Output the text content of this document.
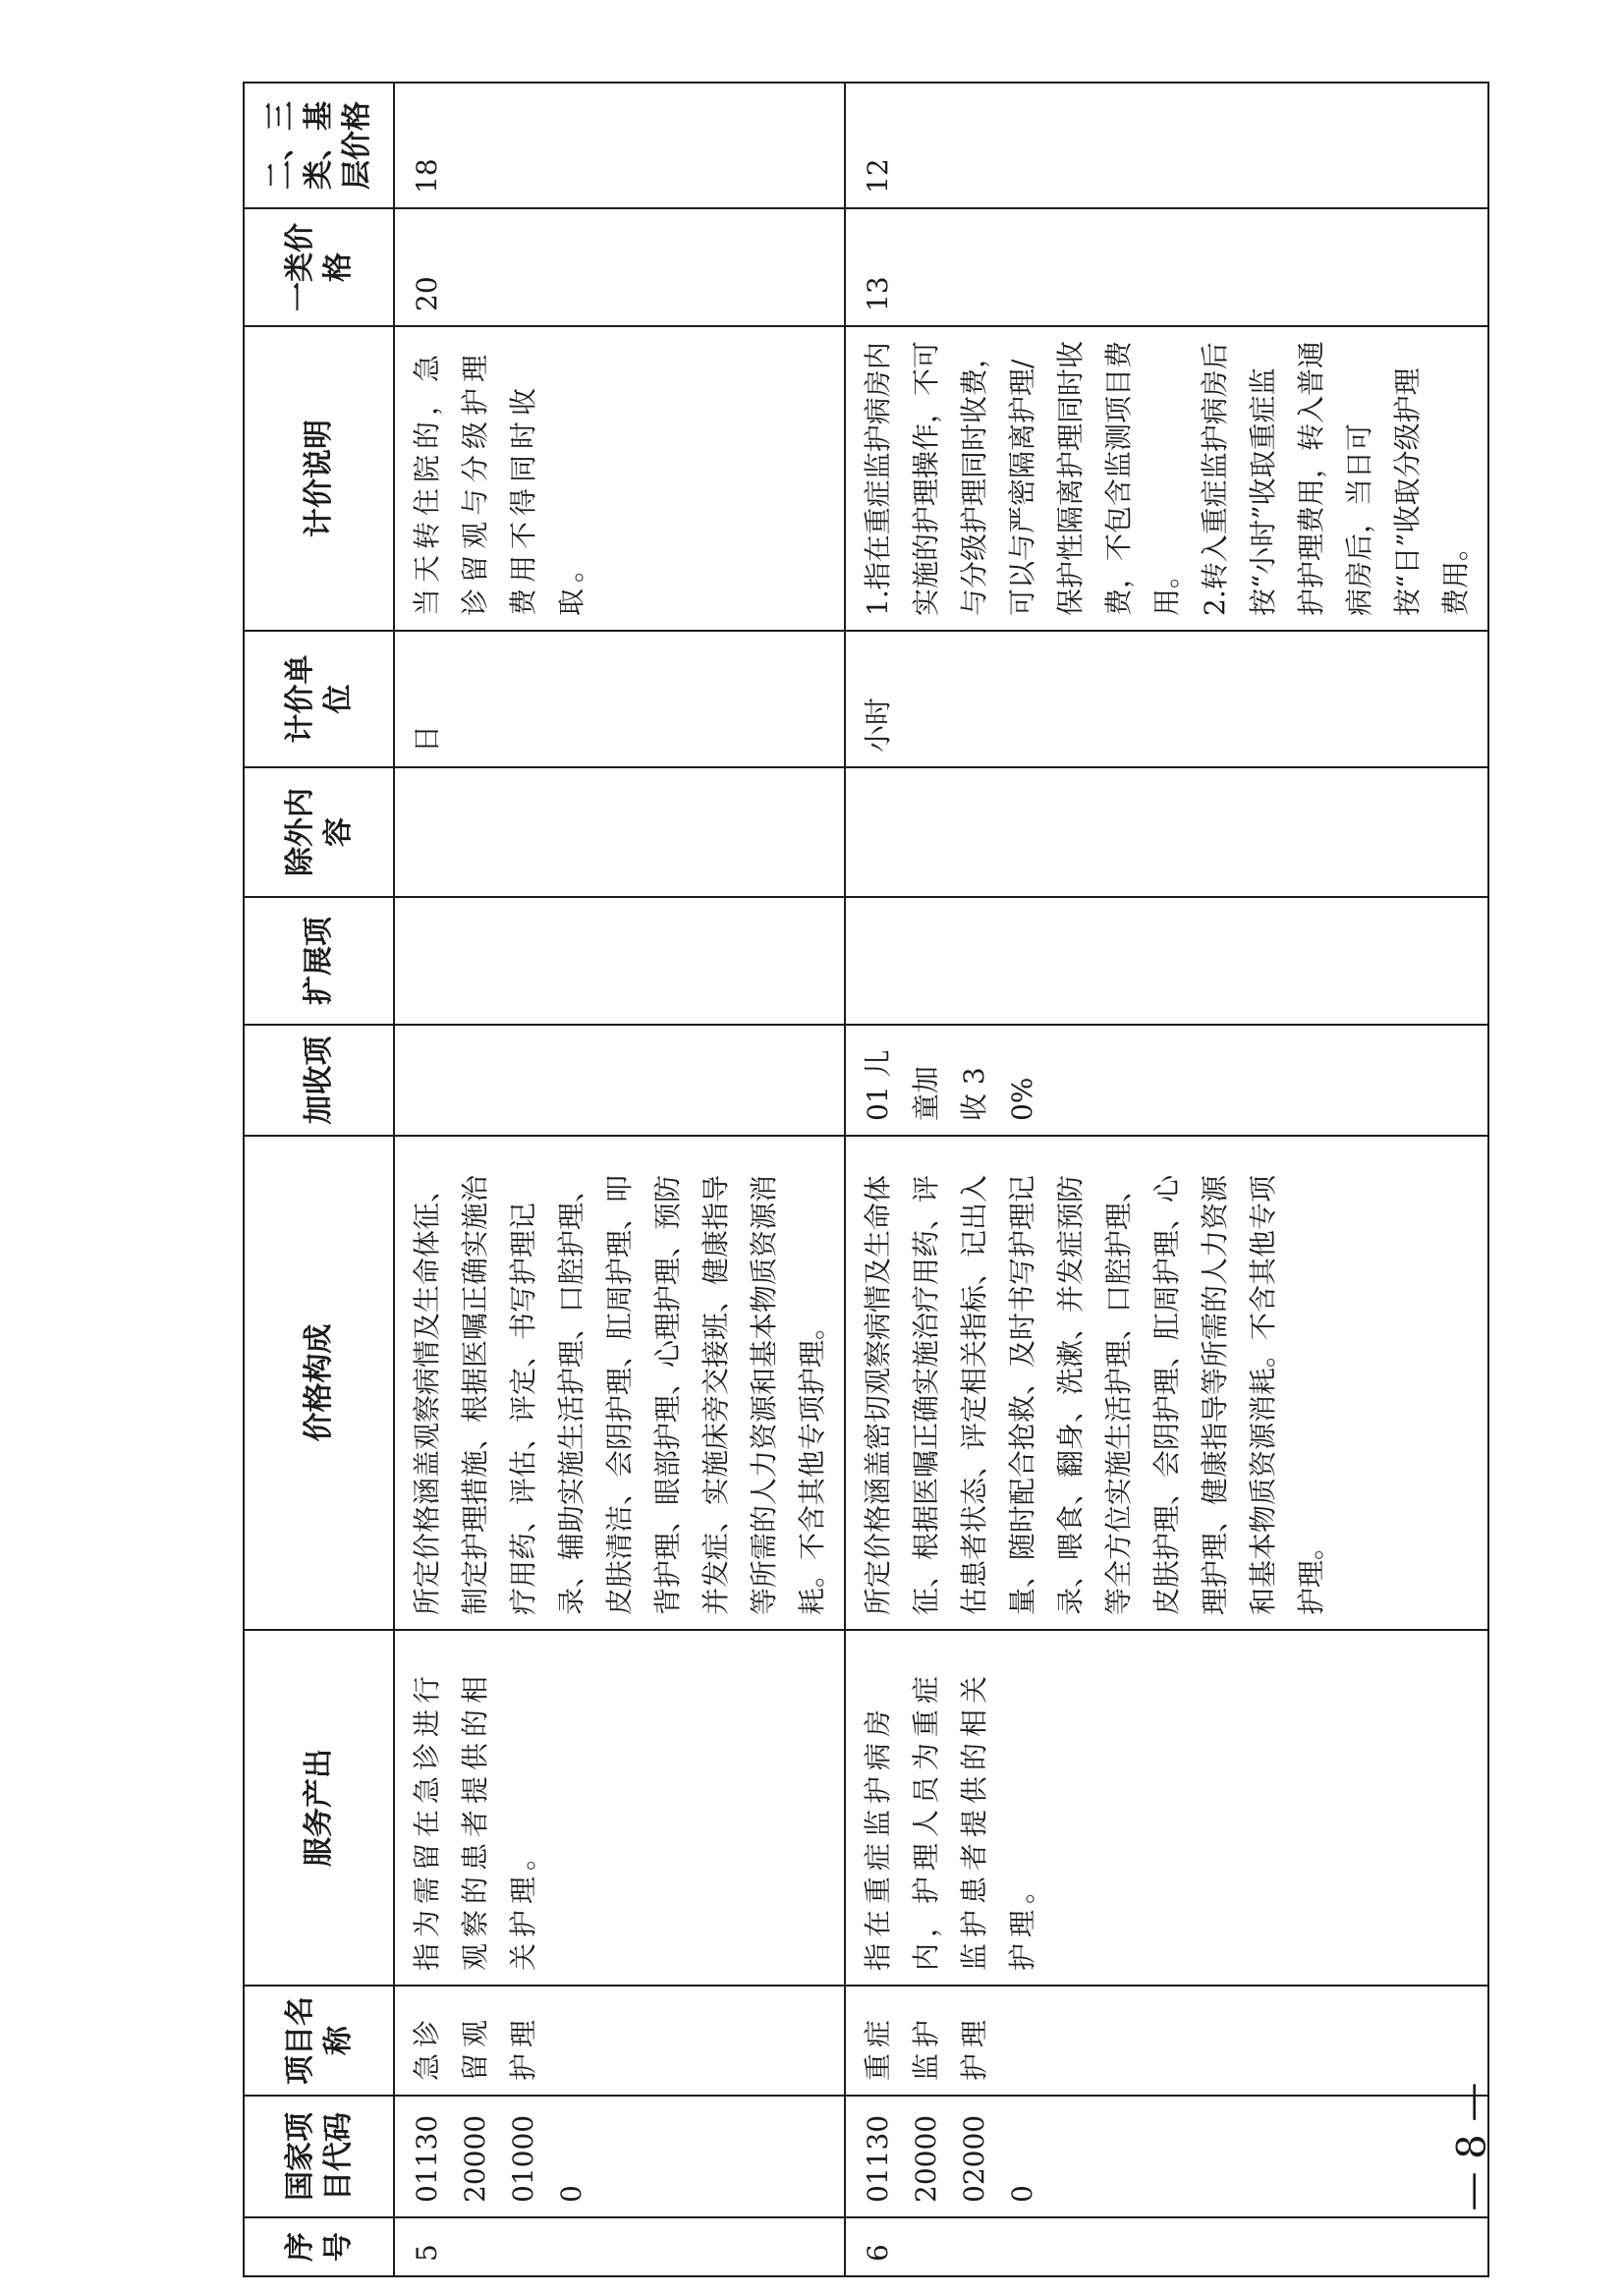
序号	国家项目代码	项目名称	服务产出	价格构成	加收项	扩展项	除外内容	计价单位	计价说明	一类价格	二、三类、基层价格
5	011302000001000 0	急诊留观护理	指为需留在急诊进行观察的患者提供的相关护理。	所定价格涵盖观察病情及生命体征、制定护理措施、根据医嘱正确实施治疗用药、评估、评定、书写护理记录、辅助实施生活护理、口腔护理、皮肤清洁、会阴护理、肛周护理、叩背护理、眼部护理、心理护理、预防并发症、实施床旁交接班、健康指导等所需的人力资源和基本物质资源消耗。不含其他专项护理。				日	当天转住院的，急诊留观与分级护理费用不得同时收取。	20	18
6	011302000002000 0	重症监护护理	指在重症监护病房内，护理人员为重症监护患者提供的相关护理。	所定价格涵盖密切观察病情及生命体征、根据医嘱正确实施治疗用药、评估患者状态、评定相关指标、记出入量、随时配合抢救、及时书写护理记录、喂食、翻身、洗漱、并发症预防等全方位实施生活护理、口腔护理、皮肤护理、会阴护理、肛周护理、心理护理、健康指导等所需的人力资源和基本物质资源消耗。不含其他专项护理。	01 儿童加收 30%			小时	1.指在重症监护病房内实施的护理操作，不可与分级护理同时收费，可以与严密隔离护理/保护性隔离护理同时收费，不包含监测项目费用。 2.转入重症监护病房后按“小时”收取重症监护护理费用，转入普通病房后，当日可按“日”收取分级护理费用。	13	12
— 8 —
